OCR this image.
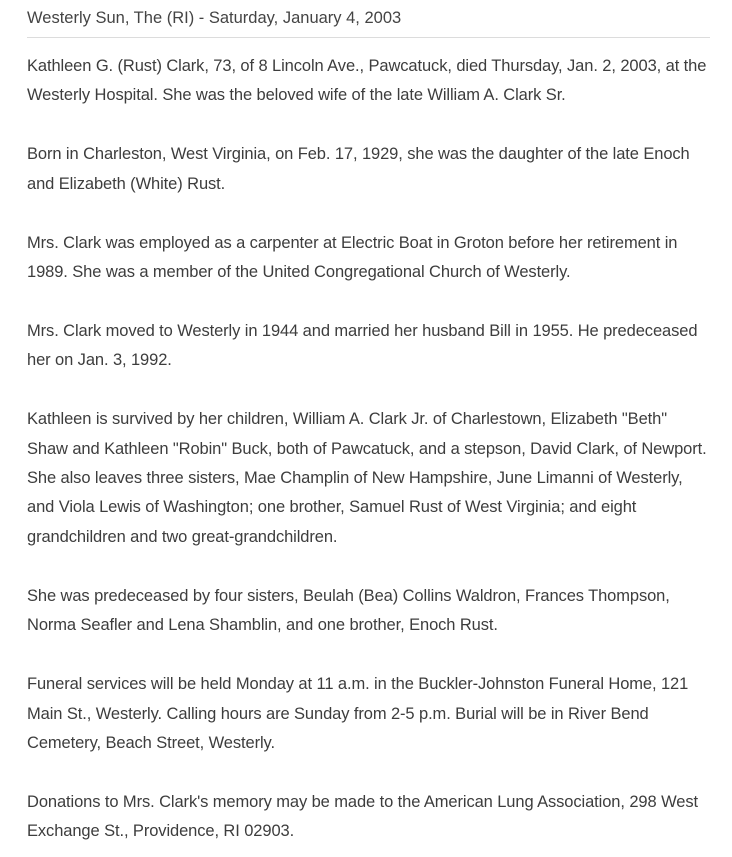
Westerly Sun, The (RI) - Saturday, January 4, 2003

Kathleen G. (Rust) Clark, 73, of 8 Lincoln Ave., Pawcatuck, died Thursday, Jan. 2, 2003, at the Westerly Hospital. She was the beloved wife of the late William A. Clark Sr.

Born in Charleston, West Virginia, on Feb. 17, 1929, she was the daughter of the late Enoch and Elizabeth (White) Rust.

Mrs. Clark was employed as a carpenter at Electric Boat in Groton before her retirement in 1989. She was a member of the United Congregational Church of Westerly.

Mrs. Clark moved to Westerly in 1944 and married her husband Bill in 1955. He predeceased her on Jan. 3, 1992.

Kathleen is survived by her children, William A. Clark Jr. of Charlestown, Elizabeth "Beth" Shaw and Kathleen "Robin" Buck, both of Pawcatuck, and a stepson, David Clark, of Newport. She also leaves three sisters, Mae Champlin of New Hampshire, June Limanni of Westerly, and Viola Lewis of Washington; one brother, Samuel Rust of West Virginia; and eight grandchildren and two great-grandchildren.

She was predeceased by four sisters, Beulah (Bea) Collins Waldron, Frances Thompson, Norma Seafler and Lena Shamblin, and one brother, Enoch Rust.

Funeral services will be held Monday at 11 a.m. in the Buckler-Johnston Funeral Home, 121 Main St., Westerly. Calling hours are Sunday from 2-5 p.m. Burial will be in River Bend Cemetery, Beach Street, Westerly.

Donations to Mrs. Clark's memory may be made to the American Lung Association, 298 West Exchange St., Providence, RI 02903.
